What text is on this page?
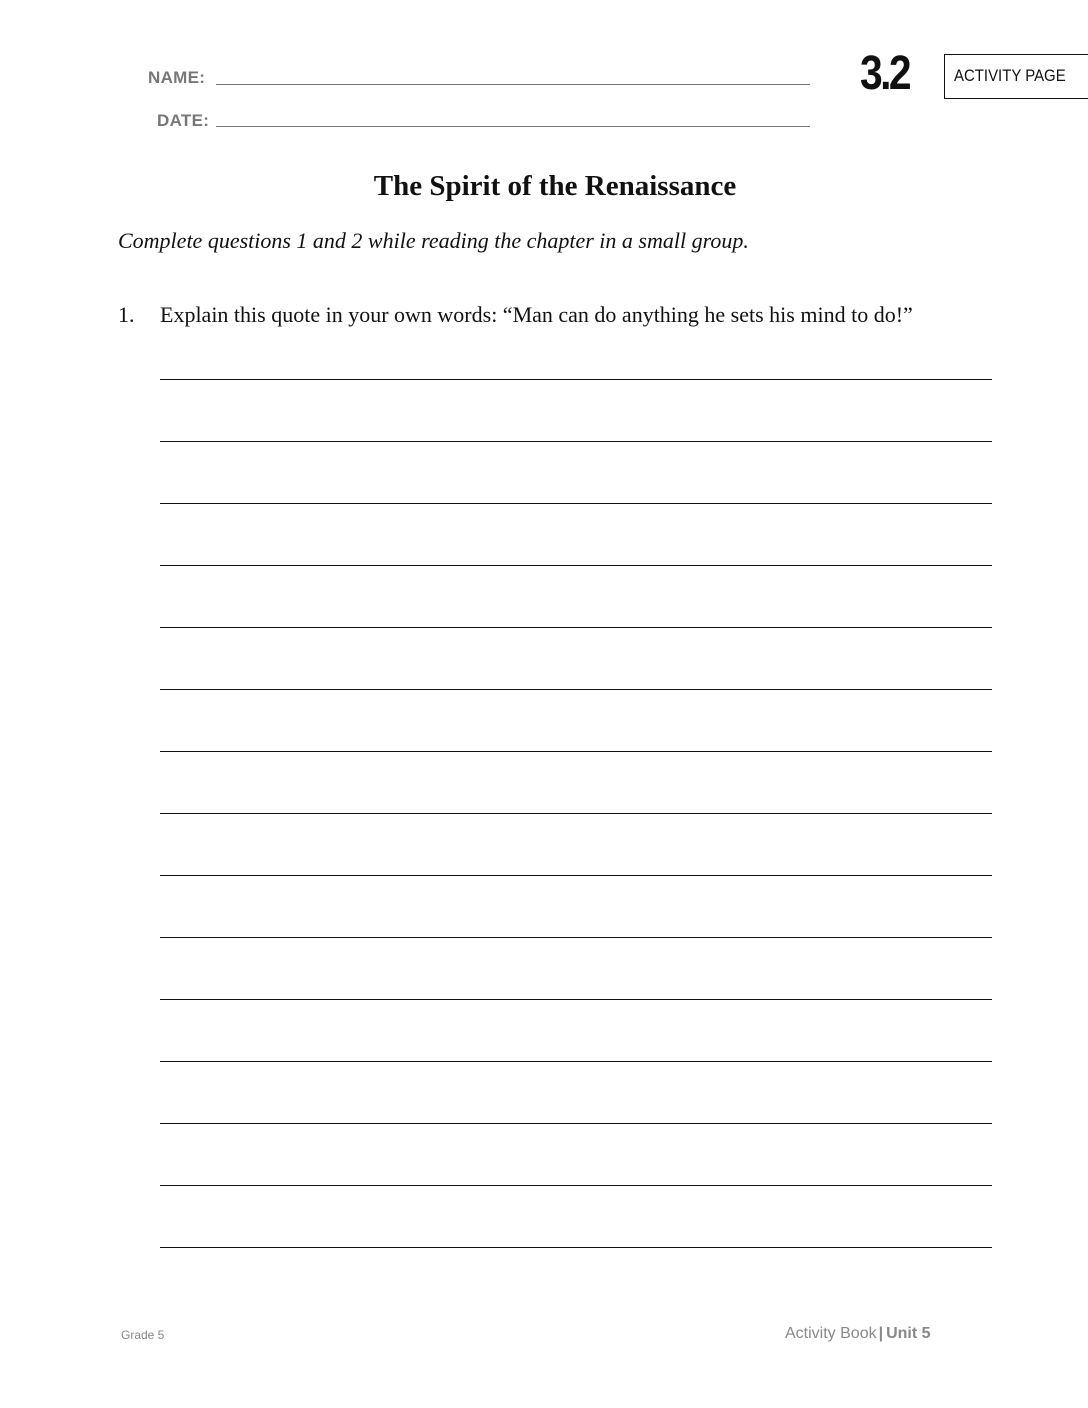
NAME:
DATE:
3.2	ACTIVITY PAGE
The Spirit of the Renaissance
Complete questions 1 and 2 while reading the chapter in a small group.
1. Explain this quote in your own words: “Man can do anything he sets his mind to do!”
Grade 5	Activity Book | Unit 5
